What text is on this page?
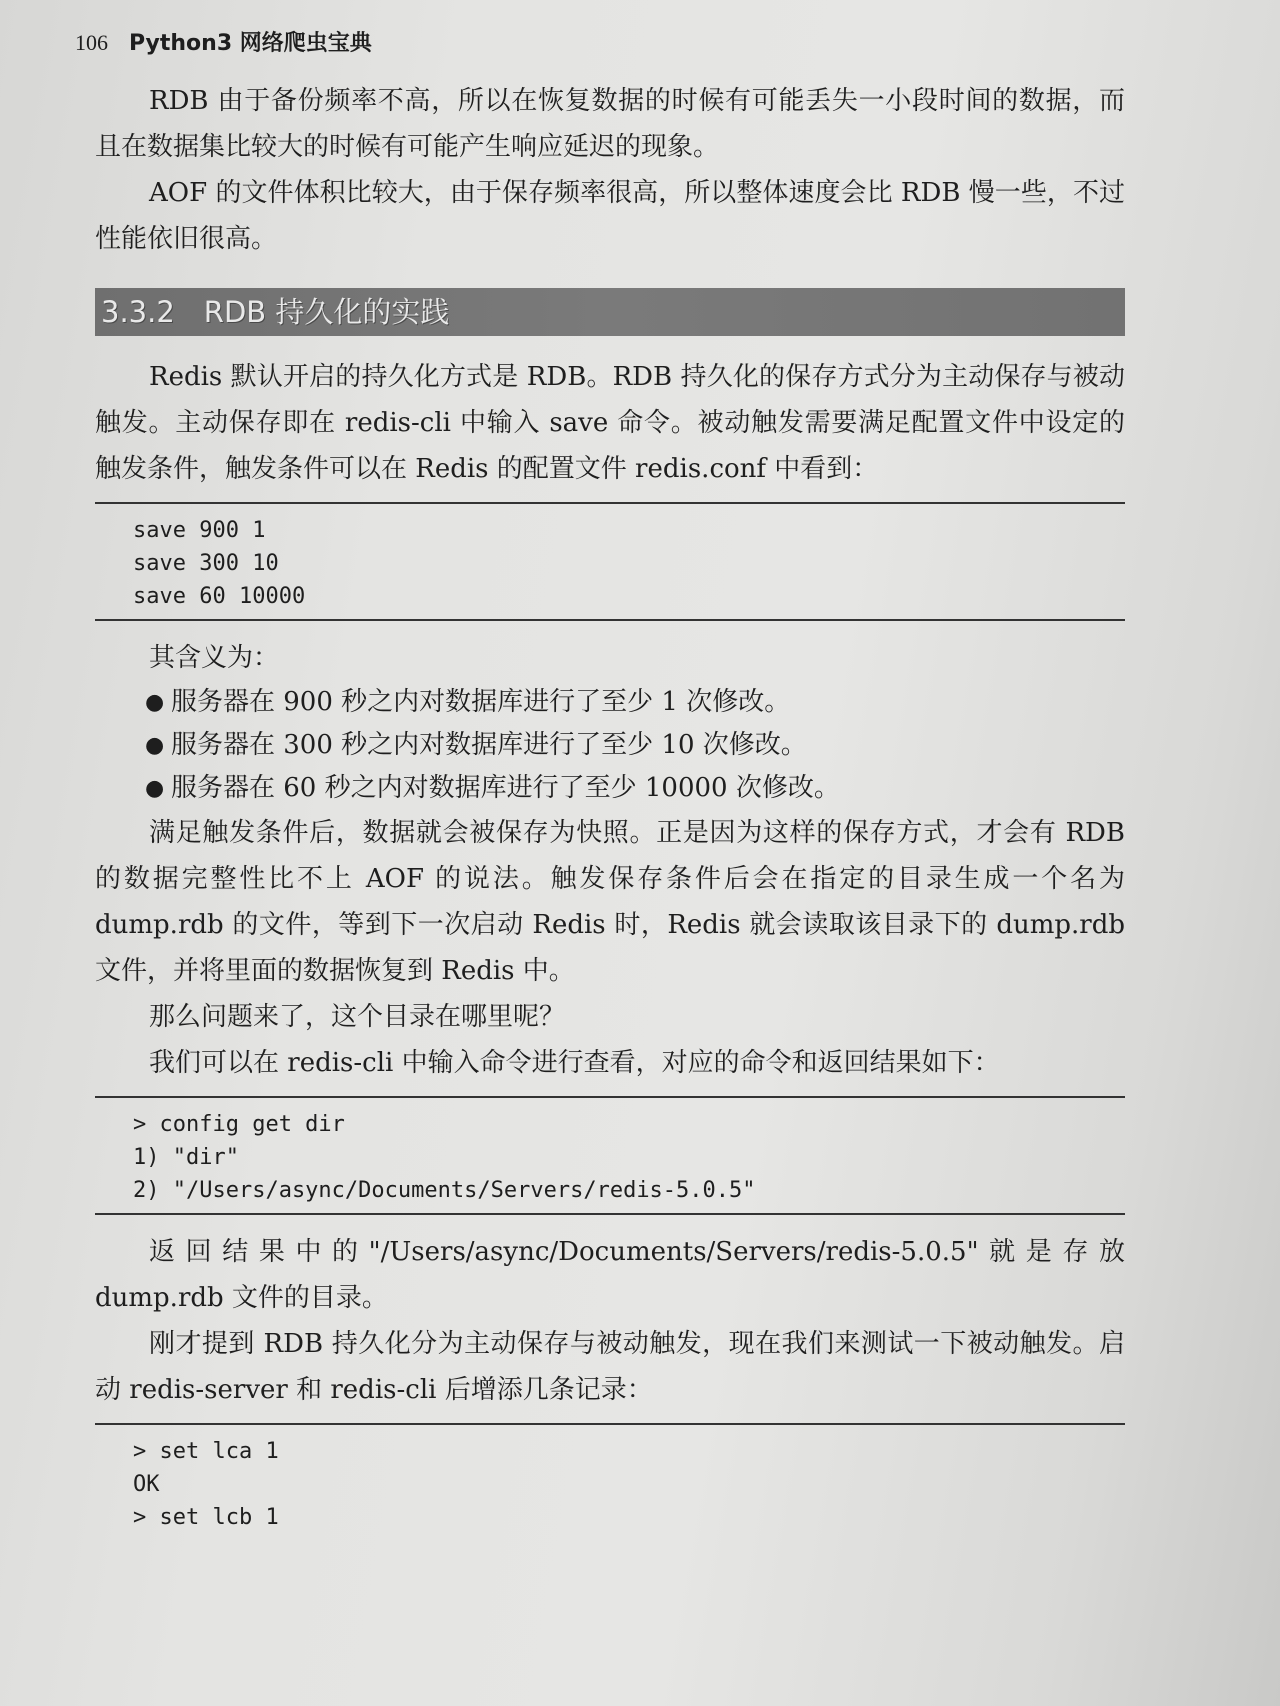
106 Python3 网络爬虫宝典

RDB 由于备份频率不高，所以在恢复数据的时候有可能丢失一小段时间的数据，而且在数据集比较大的时候有可能产生响应延迟的现象。

AOF 的文件体积比较大，由于保存频率很高，所以整体速度会比 RDB 慢一些，不过性能依旧很高。

3.3.2　RDB 持久化的实践

Redis 默认开启的持久化方式是 RDB。RDB 持久化的保存方式分为主动保存与被动触发。主动保存即在 redis-cli 中输入 save 命令。被动触发需要满足配置文件中设定的触发条件，触发条件可以在 Redis 的配置文件 redis.conf 中看到：

save 900 1
save 300 10
save 60 10000

其含义为：

● 服务器在 900 秒之内对数据库进行了至少 1 次修改。
● 服务器在 300 秒之内对数据库进行了至少 10 次修改。
● 服务器在 60 秒之内对数据库进行了至少 10000 次修改。

满足触发条件后，数据就会被保存为快照。正是因为这样的保存方式，才会有 RDB 的数据完整性比不上 AOF 的说法。触发保存条件后会在指定的目录生成一个名为 dump.rdb 的文件，等到下一次启动 Redis 时，Redis 就会读取该目录下的 dump.rdb 文件，并将里面的数据恢复到 Redis 中。

那么问题来了，这个目录在哪里呢？

我们可以在 redis-cli 中输入命令进行查看，对应的命令和返回结果如下：

> config get dir
1) "dir"
2) "/Users/async/Documents/Servers/redis-5.0.5"

返回结果中的"/Users/async/Documents/Servers/redis-5.0.5"就是存放 dump.rdb 文件的目录。

刚才提到 RDB 持久化分为主动保存与被动触发，现在我们来测试一下被动触发。启动 redis-server 和 redis-cli 后增添几条记录：

> set lca 1
OK
> set lcb 1
